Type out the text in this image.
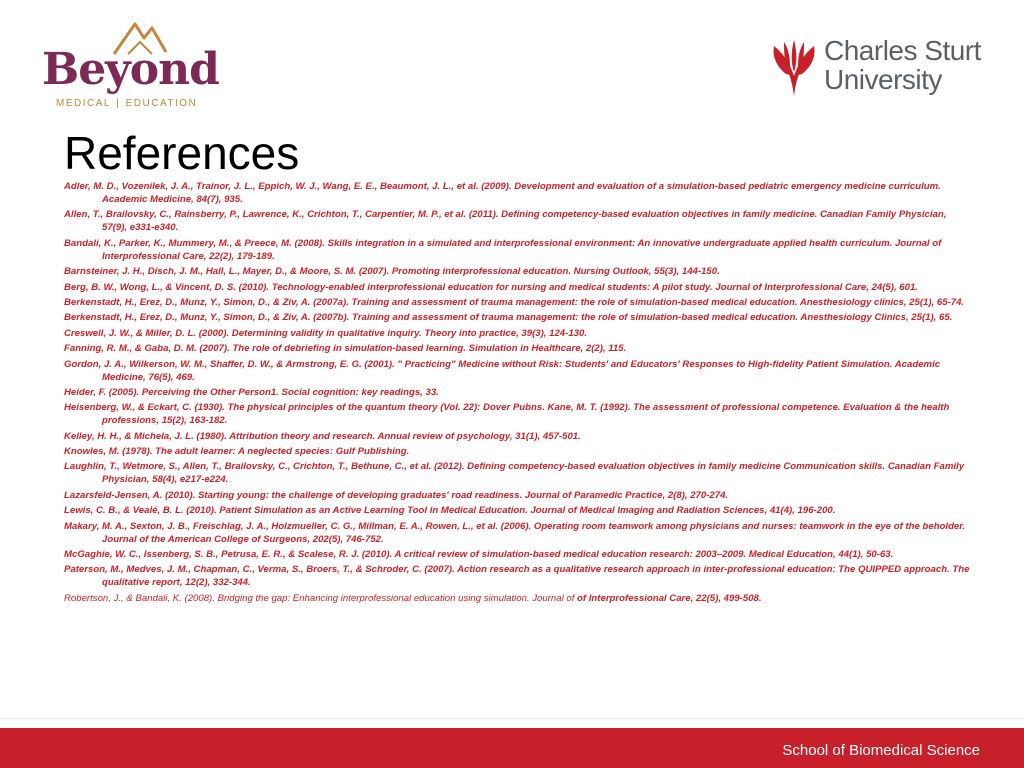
Beyond
MEDICAL | EDUCATION
Charles Sturt
University
References
Adler, M. D., Vozenilek, J. A., Trainor, J. L., Eppich, W. J., Wang, E. E., Beaumont, J. L., et al. (2009). Development and evaluation of a simulation-based pediatric emergency medicine curriculum. Academic Medicine, 84(7), 935.
Allen, T., Brailovsky, C., Rainsberry, P., Lawrence, K., Crichton, T., Carpentier, M. P., et al. (2011). Defining competency-based evaluation objectives in family medicine. Canadian Family Physician, 57(9), e331-e340.
Bandali, K., Parker, K., Mummery, M., & Preece, M. (2008). Skills integration in a simulated and interprofessional environment: An innovative undergraduate applied health curriculum. Journal of Interprofessional Care, 22(2), 179-189.
Barnsteiner, J. H., Disch, J. M., Hall, L., Mayer, D., & Moore, S. M. (2007). Promoting interprofessional education. Nursing Outlook, 55(3), 144-150.
Berg, B. W., Wong, L., & Vincent, D. S. (2010). Technology-enabled interprofessional education for nursing and medical students: A pilot study. Journal of Interprofessional Care, 24(5), 601.
Berkenstadt, H., Erez, D., Munz, Y., Simon, D., & Ziv, A. (2007a). Training and assessment of trauma management: the role of simulation-based medical education. Anesthesiology clinics, 25(1), 65-74.
Berkenstadt, H., Erez, D., Munz, Y., Simon, D., & Ziv, A. (2007b). Training and assessment of trauma management: the role of simulation-based medical education. Anesthesiology Clinics, 25(1), 65.
Creswell, J. W., & Miller, D. L. (2000). Determining validity in qualitative inquiry. Theory into practice, 39(3), 124-130.
Fanning, R. M., & Gaba, D. M. (2007). The role of debriefing in simulation-based learning. Simulation in Healthcare, 2(2), 115.
Gordon, J. A., Wilkerson, W. M., Shaffer, D. W., & Armstrong, E. G. (2001). " Practicing" Medicine without Risk: Students' and Educators' Responses to High-fidelity Patient Simulation. Academic Medicine, 76(5), 469.
Heider, F. (2005). Perceiving the Other Person1. Social cognition: key readings, 33.
Heisenberg, W., & Eckart, C. (1930). The physical principles of the quantum theory (Vol. 22): Dover Pubns. Kane, M. T. (1992). The assessment of professional competence. Evaluation & the health professions, 15(2), 163-182.
Kelley, H. H., & Michela, J. L. (1980). Attribution theory and research. Annual review of psychology, 31(1), 457-501.
Knowles, M. (1978). The adult learner: A neglected species: Gulf Publishing.
Laughlin, T., Wetmore, S., Allen, T., Brailovsky, C., Crichton, T., Bethune, C., et al. (2012). Defining competency-based evaluation objectives in family medicine Communication skills. Canadian Family Physician, 58(4), e217-e224.
Lazarsfeld-Jensen, A. (2010). Starting young: the challenge of developing graduates' road readiness. Journal of Paramedic Practice, 2(8), 270-274.
Lewis, C. B., & Vealé, B. L. (2010). Patient Simulation as an Active Learning Tool in Medical Education. Journal of Medical Imaging and Radiation Sciences, 41(4), 196-200.
Makary, M. A., Sexton, J. B., Freischlag, J. A., Holzmueller, C. G., Millman, E. A., Rowen, L., et al. (2006). Operating room teamwork among physicians and nurses: teamwork in the eye of the beholder. Journal of the American College of Surgeons, 202(5), 746-752.
McGaghie, W. C., Issenberg, S. B., Petrusa, E. R., & Scalese, R. J. (2010). A critical review of simulation-based medical education research: 2003–2009. Medical Education, 44(1), 50-63.
Paterson, M., Medves, J. M., Chapman, C., Verma, S., Broers, T., & Schroder, C. (2007). Action research as a qualitative research approach in inter-professional education: The QUIPPED approach. The qualitative report, 12(2), 332-344.
Robertson, J., & Bandali, K. (2008). Bridging the gap: Enhancing interprofessional education using simulation. Journal of of Interprofessional Care, 22(5), 499-508.
School of Biomedical Science
